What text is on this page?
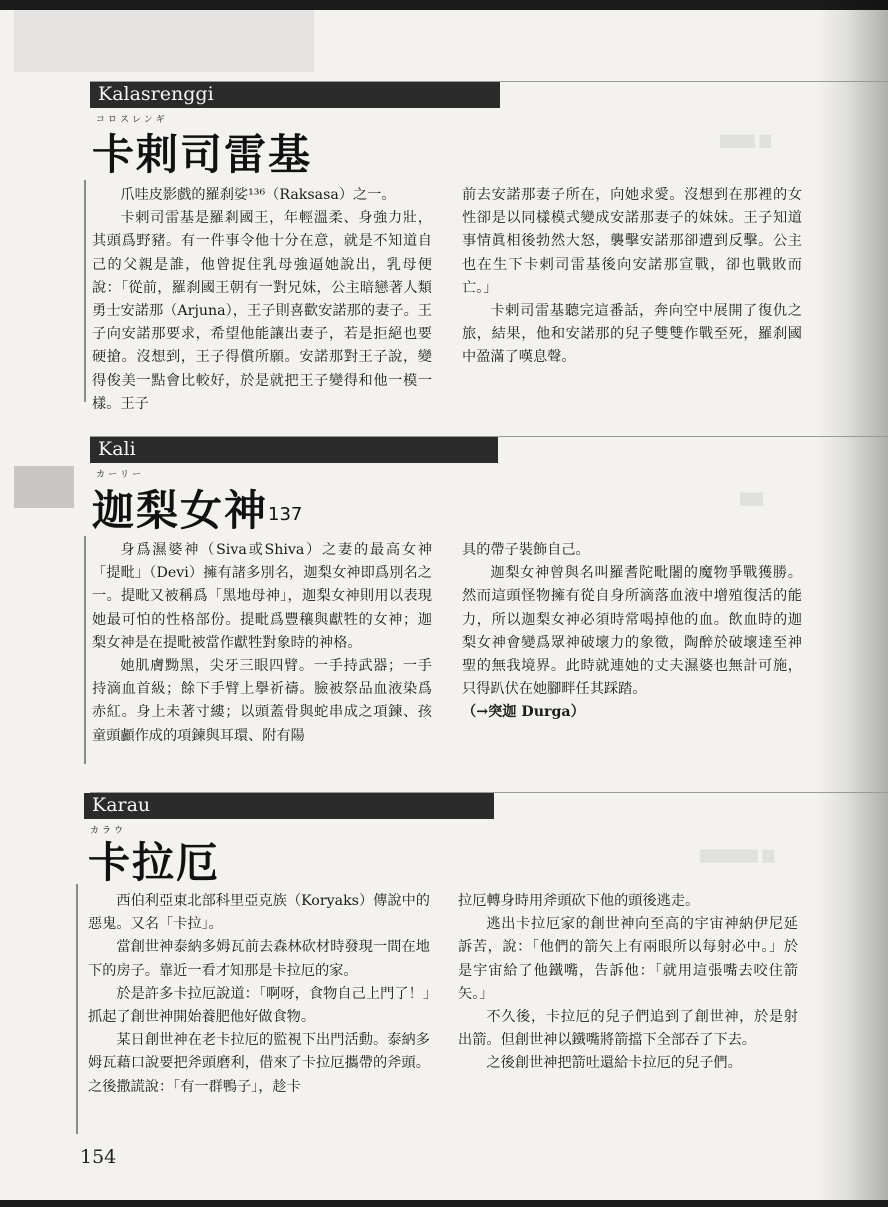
▆▆▆ ▆
▆▆
▆▆▆▆▆ ▆
Kalasrenggi
コロスレンギ
卡剌司雷基

爪哇皮影戲的羅刹娑¹³⁶（Raksasa）之一。

卡剌司雷基是羅剎國王，年輕溫柔、身強力壯，其頭爲野豬。有一件事令他十分在意，就是不知道自己的父親是誰，他曾捉住乳母強逼她說出，乳母便說：「從前，羅刹國王朝有一對兄妹，公主暗戀著人類勇士安諾那（Arjuna），王子則喜歡安諾那的妻子。王子向安諾那要求，希望他能讓出妻子，若是拒絕也要硬搶。沒想到，王子得償所願。安諾那對王子說，變得俊美一點會比較好，於是就把王子變得和他一模一樣。王子

前去安諾那妻子所在，向她求愛。沒想到在那裡的女性卻是以同樣模式變成安諾那妻子的妹妹。王子知道事情眞相後勃然大怒，襲擊安諾那卻遭到反擊。公主也在生下卡剌司雷基後向安諾那宣戰，卻也戰敗而亡。」

卡剌司雷基聽完這番話，奔向空中展開了復仇之旅，結果，他和安諾那的兒子雙雙作戰至死，羅刹國中盈滿了嘆息聲。

Kali
カーリー
迦梨女神$^{137}$

身爲濕婆神（Siva或Shiva）之妻的最高女神「提毗」（Devi）擁有諸多別名，迦梨女神即爲別名之一。提毗又被稱爲「黑地母神」，迦梨女神則用以表現她最可怕的性格部份。提毗爲豐穰與獻牲的女神；迦梨女神是在提毗被當作獻牲對象時的神格。

她肌膚黝黑，尖牙三眼四臂。一手持武器；一手持滴血首級；餘下手臂上擧祈禱。臉被祭品血液染爲赤紅。身上未著寸縷；以頭蓋骨與蛇串成之項鍊、孩童頭顱作成的項鍊與耳環、附有陽

具的帶子裝飾自己。

迦梨女神曾與名叫羅耆陀毗闍的魔物爭戰獲勝。然而這頭怪物擁有從自身所滴落血液中增殖復活的能力，所以迦梨女神必須時常喝掉他的血。飲血時的迦梨女神會變爲眾神破壞力的象徵，陶醉於破壞達至神聖的無我境界。此時就連她的丈夫濕婆也無計可施，只得趴伏在她腳畔任其踩踏。

（→突迦 Durga）

Karau
カラウ
卡拉厄

西伯利亞東北部科里亞克族（Koryaks）傳說中的惡鬼。又名「卡拉」。

當創世神泰納多姆瓦前去森林砍材時發現一間在地下的房子。靠近一看才知那是卡拉厄的家。

於是許多卡拉厄說道：「啊呀，食物自己上門了！」抓起了創世神開始養肥他好做食物。

某日創世神在老卡拉厄的監視下出門活動。泰納多姆瓦藉口說要把斧頭磨利，借來了卡拉厄攜帶的斧頭。之後撒謊說：「有一群鴨子」，趁卡

拉厄轉身時用斧頭砍下他的頭後逃走。

逃出卡拉厄家的創世神向至高的宇宙神納伊尼延訴苦，說：「他們的箭矢上有兩眼所以每射必中。」於是宇宙給了他鐵嘴，告訴他：「就用這張嘴去咬住箭矢。」

不久後，卡拉厄的兒子們追到了創世神，於是射出箭。但創世神以鐵嘴將箭擋下全部吞了下去。

之後創世神把箭吐還給卡拉厄的兒子們。

154
